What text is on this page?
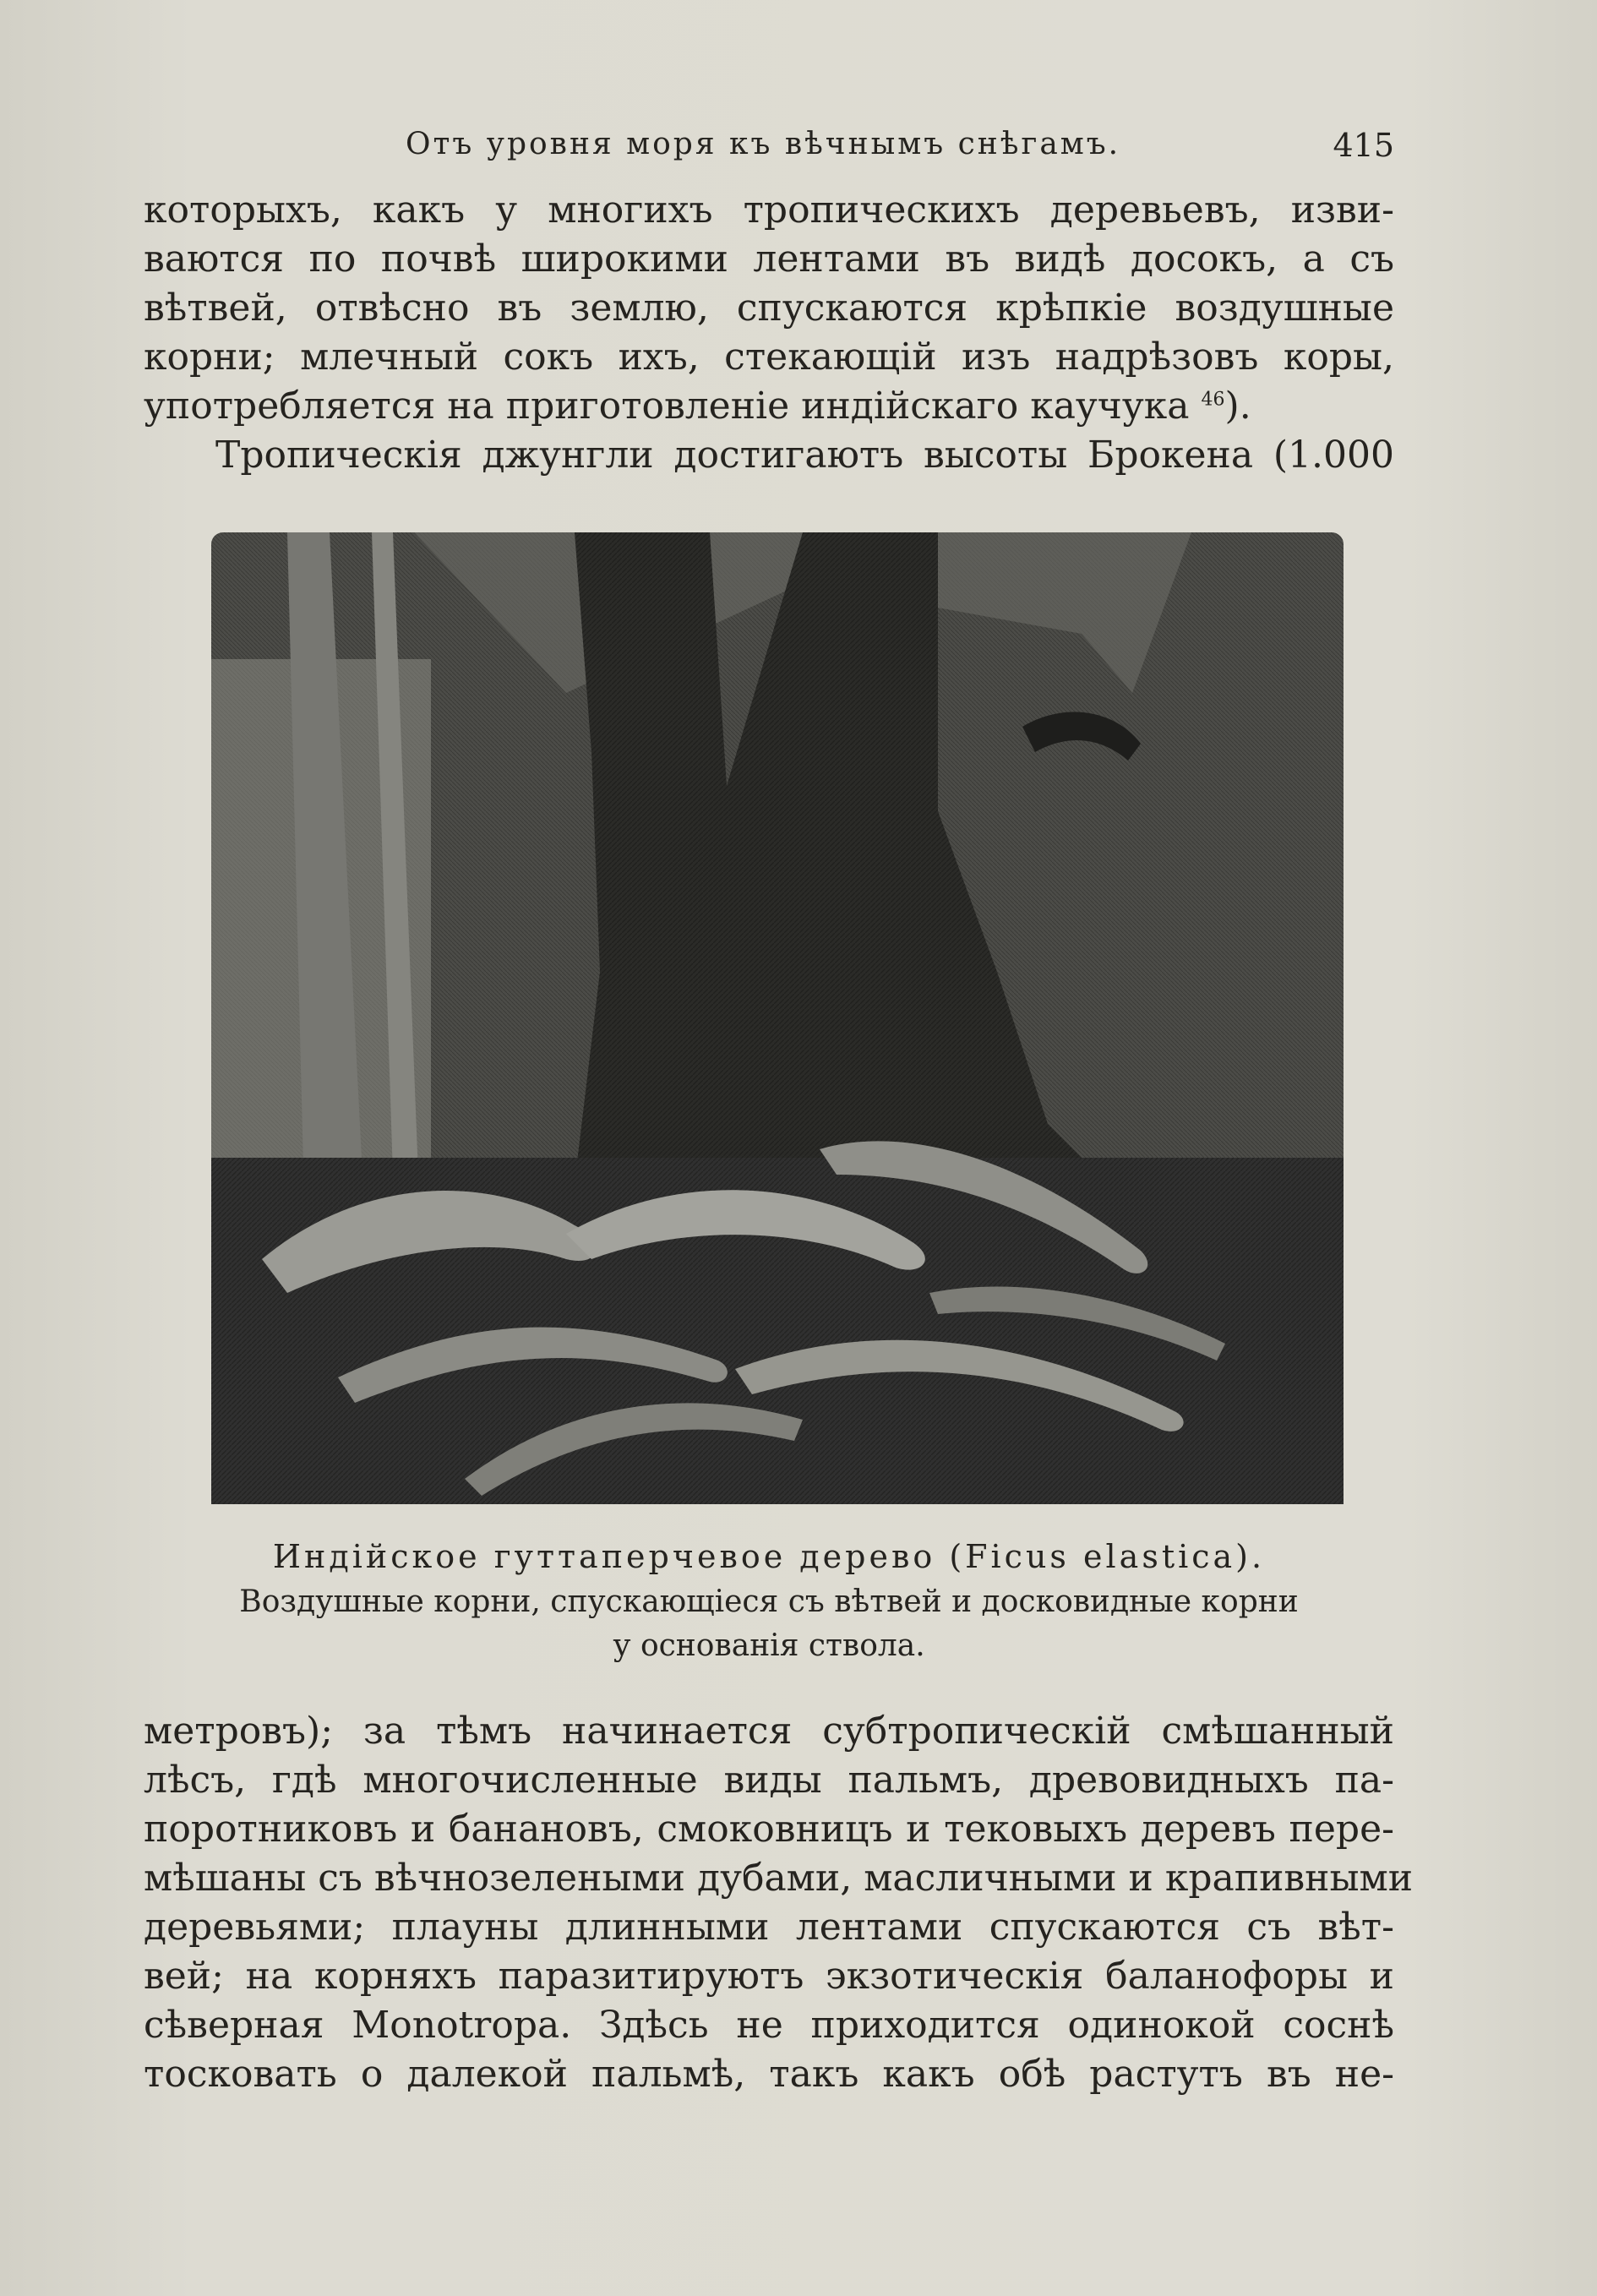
Отъ уровня моря къ вѣчнымъ снѣгамъ.	415
которыхъ, какъ у многихъ тропическихъ деревьевъ, изви-
ваются по почвѣ широкими лентами въ видѣ досокъ, а съ
вѣтвей, отвѣсно въ землю, спускаются крѣпкіе воздушные
корни; млечный сокъ ихъ, стекающій изъ надрѣзовъ коры,
употребляется на приготовленіе индійскаго каучука $^{46}$).
Тропическія джунгли достигаютъ высоты Брокена (1.000
Индійское гуттаперчевое дерево (Ficus elastica).
Воздушные корни, спускающіеся съ вѣтвей и досковидные корни
у основанія ствола.
метровъ); за тѣмъ начинается субтропическій смѣшанный
лѣсъ, гдѣ многочисленные виды пальмъ, древовидныхъ па-
поротниковъ и банановъ, смоковницъ и тековыхъ деревъ пере-
мѣшаны съ вѣчнозелеными дубами, масличными и крапивными
деревьями; плауны длинными лентами спускаются съ вѣт-
вей; на корняхъ паразитируютъ экзотическія баланофоры и
сѣверная Monotropa. Здѣсь не приходится одинокой соснѣ
тосковать о далекой пальмѣ, такъ какъ обѣ растутъ въ не-
